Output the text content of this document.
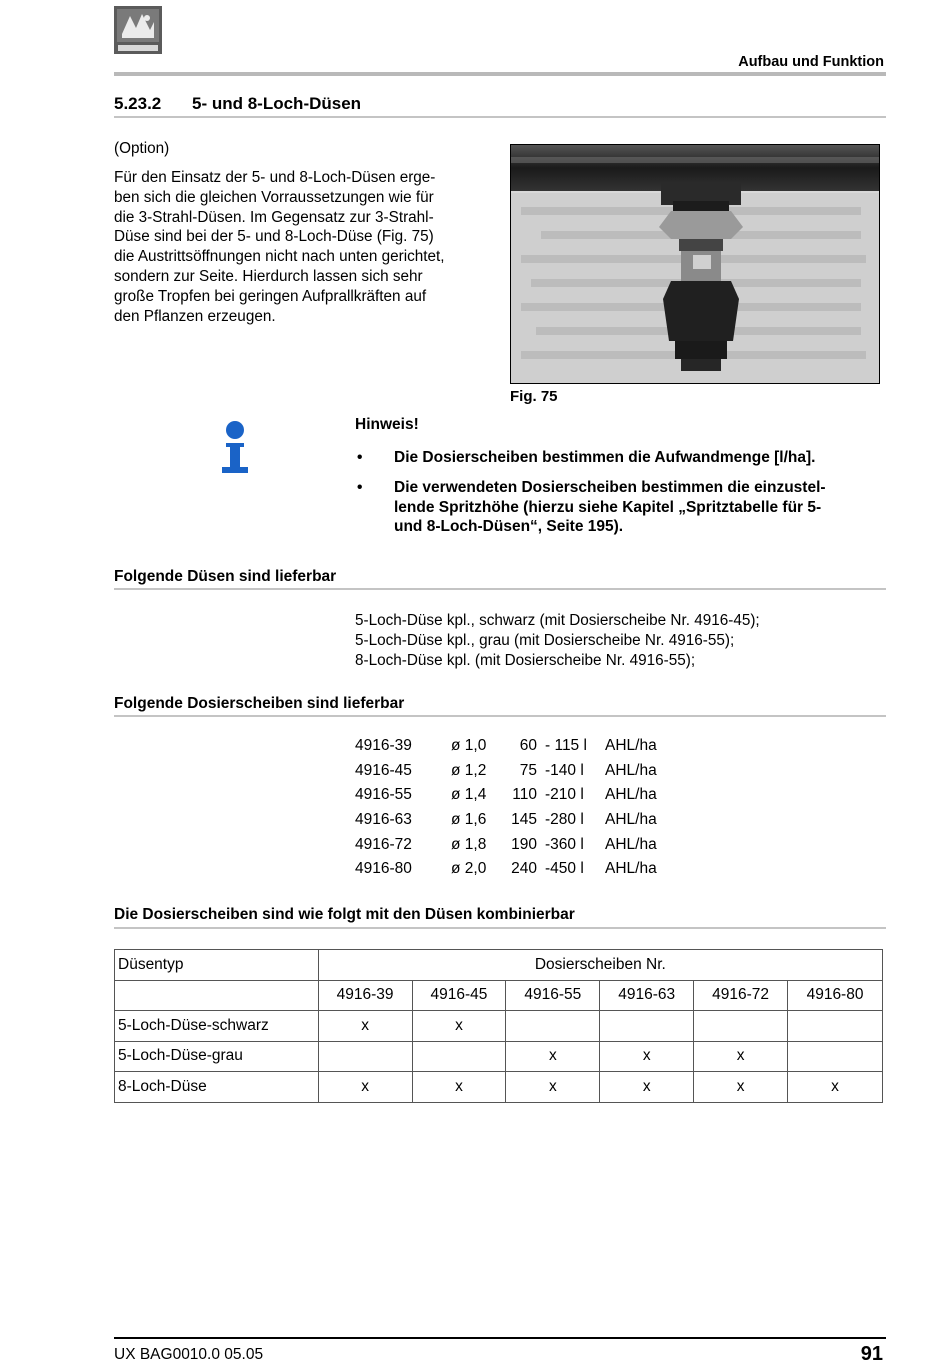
Aufbau und Funktion
5.23.2 5- und 8-Loch-Düsen
(Option)
Für den Einsatz der 5- und 8-Loch-Düsen erge-
ben sich die gleichen Vorraussetzungen wie für
die 3-Strahl-Düsen. Im Gegensatz zur 3-Strahl-
Düse sind bei der 5- und 8-Loch-Düse (Fig. 75)
die Austrittsöffnungen nicht nach unten gerichtet,
sondern zur Seite. Hierdurch lassen sich sehr
große Tropfen bei geringen Aufprallkräften auf
den Pflanzen erzeugen.
Fig. 75
Hinweis!
• Die Dosierscheiben bestimmen die Aufwandmenge [l/ha].
• Die verwendeten Dosierscheiben bestimmen die einzustel-
lende Spritzhöhe (hierzu siehe Kapitel „Spritztabelle für 5-
und 8-Loch-Düsen“, Seite 195).
Folgende Düsen sind lieferbar
5-Loch-Düse kpl., schwarz (mit Dosierscheibe Nr. 4916-45);
5-Loch-Düse kpl., grau (mit Dosierscheibe Nr. 4916-55);
8-Loch-Düse kpl. (mit Dosierscheibe Nr. 4916-55);
Folgende Dosierscheiben sind lieferbar
4916-39	ø 1,0	60	- 115 l	AHL/ha
4916-45	ø 1,2	75	-140 l	AHL/ha
4916-55	ø 1,4	110	-210 l	AHL/ha
4916-63	ø 1,6	145	-280 l	AHL/ha
4916-72	ø 1,8	190	-360 l	AHL/ha
4916-80	ø 2,0	240	-450 l	AHL/ha
Die Dosierscheiben sind wie folgt mit den Düsen kombinierbar
Düsentyp	Dosierscheiben Nr.					
	4916-39	4916-45	4916-55	4916-63	4916-72	4916-80
5-Loch-Düse-schwarz	x	x				
5-Loch-Düse-grau			x	x	x	
8-Loch-Düse	x	x	x	x	x	x
UX BAG0010.0 05.05	91
